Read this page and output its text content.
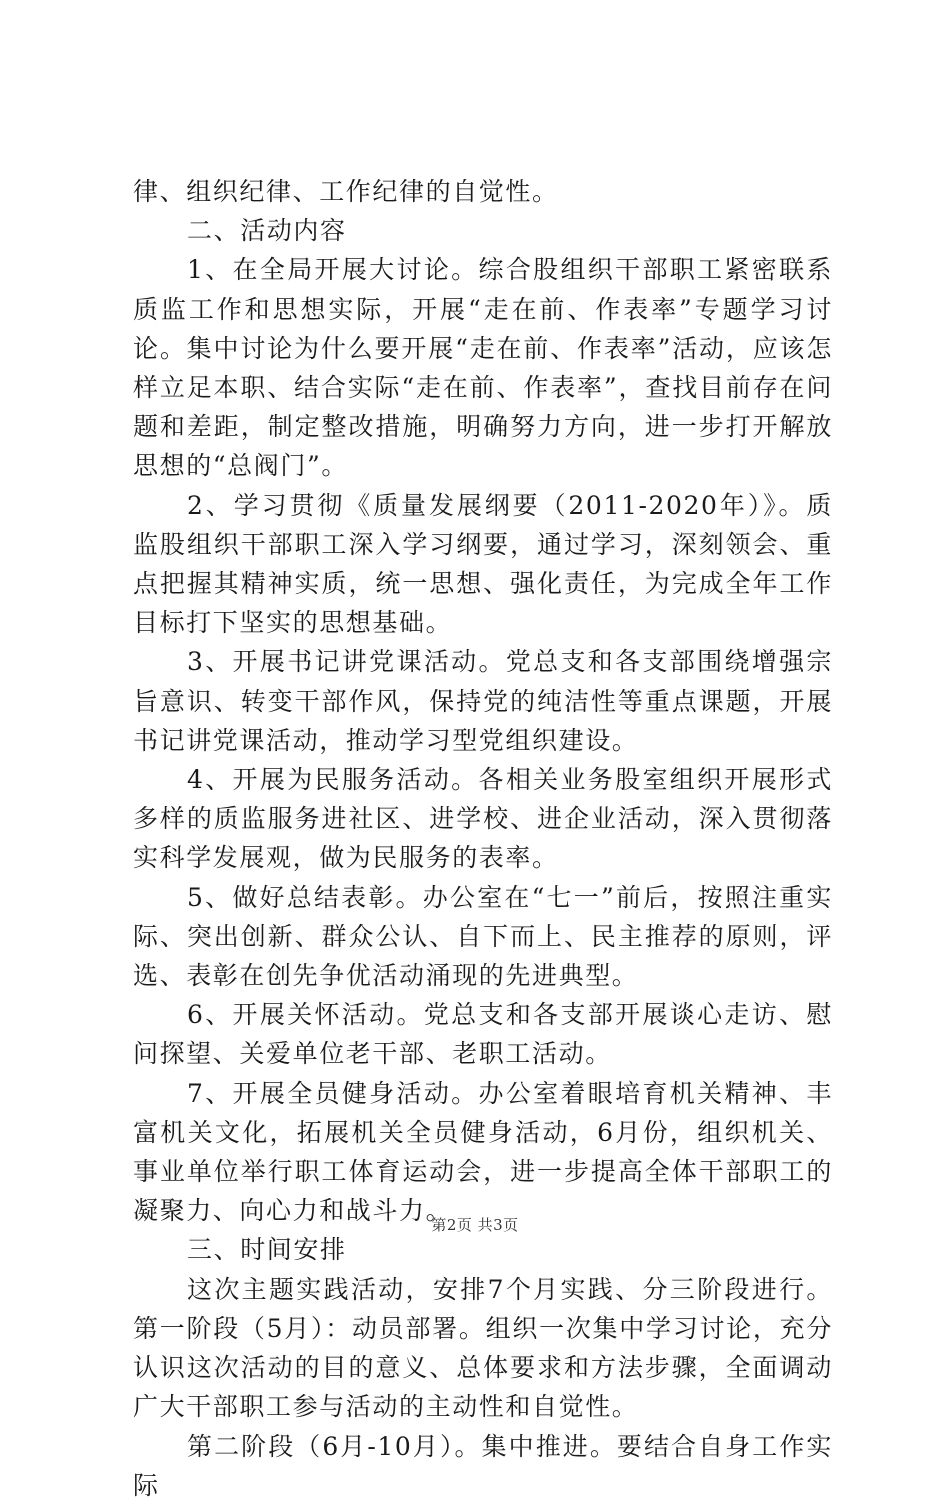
律、组织纪律、工作纪律的自觉性。

二、活动内容

1、在全局开展大讨论。综合股组织干部职工紧密联系质监工作和思想实际，开展“走在前、作表率”专题学习讨论。集中讨论为什么要开展“走在前、作表率”活动，应该怎样立足本职、结合实际“走在前、作表率”，查找目前存在问题和差距，制定整改措施，明确努力方向，进一步打开解放思想的“总阀门”。

2、学习贯彻《质量发展纲要（2011-2020年）》。质监股组织干部职工深入学习纲要，通过学习，深刻领会、重点把握其精神实质，统一思想、强化责任，为完成全年工作目标打下坚实的思想基础。

3、开展书记讲党课活动。党总支和各支部围绕增强宗旨意识、转变干部作风，保持党的纯洁性等重点课题，开展书记讲党课活动，推动学习型党组织建设。

4、开展为民服务活动。各相关业务股室组织开展形式多样的质监服务进社区、进学校、进企业活动，深入贯彻落实科学发展观，做为民服务的表率。

5、做好总结表彰。办公室在“七一”前后，按照注重实际、突出创新、群众公认、自下而上、民主推荐的原则，评选、表彰在创先争优活动涌现的先进典型。

6、开展关怀活动。党总支和各支部开展谈心走访、慰问探望、关爱单位老干部、老职工活动。

7、开展全员健身活动。办公室着眼培育机关精神、丰富机关文化，拓展机关全员健身活动，6月份，组织机关、事业单位举行职工体育运动会，进一步提高全体干部职工的凝聚力、向心力和战斗力。

三、时间安排

这次主题实践活动，安排7个月实践、分三阶段进行。第一阶段（5月）：动员部署。组织一次集中学习讨论，充分认识这次活动的目的意义、总体要求和方法步骤，全面调动广大干部职工参与活动的主动性和自觉性。

第二阶段（6月-10月）。集中推进。要结合自身工作实际

第2页 共3页
